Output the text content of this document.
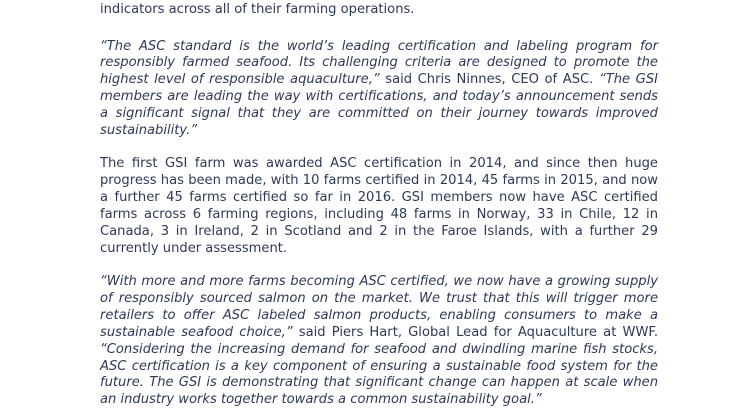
indicators across all of their farming operations.

“The ASC standard is the world’s leading certification and labeling program for responsibly farmed seafood. Its challenging criteria are designed to promote the highest level of responsible aquaculture,” said Chris Ninnes, CEO of ASC. “The GSI members are leading the way with certifications, and today’s announcement sends a significant signal that they are committed on their journey towards improved sustainability.”

The first GSI farm was awarded ASC certification in 2014, and since then huge progress has been made, with 10 farms certified in 2014, 45 farms in 2015, and now a further 45 farms certified so far in 2016. GSI members now have ASC certified farms across 6 farming regions, including 48 farms in Norway, 33 in Chile, 12 in Canada, 3 in Ireland, 2 in Scotland and 2 in the Faroe Islands, with a further 29 currently under assessment.

“With more and more farms becoming ASC certified, we now have a growing supply of responsibly sourced salmon on the market. We trust that this will trigger more retailers to offer ASC labeled salmon products, enabling consumers to make a sustainable seafood choice,” said Piers Hart, Global Lead for Aquaculture at WWF. “Considering the increasing demand for seafood and dwindling marine fish stocks, ASC certification is a key component of ensuring a sustainable food system for the future. The GSI is demonstrating that significant change can happen at scale when an industry works together towards a common sustainability goal.”
